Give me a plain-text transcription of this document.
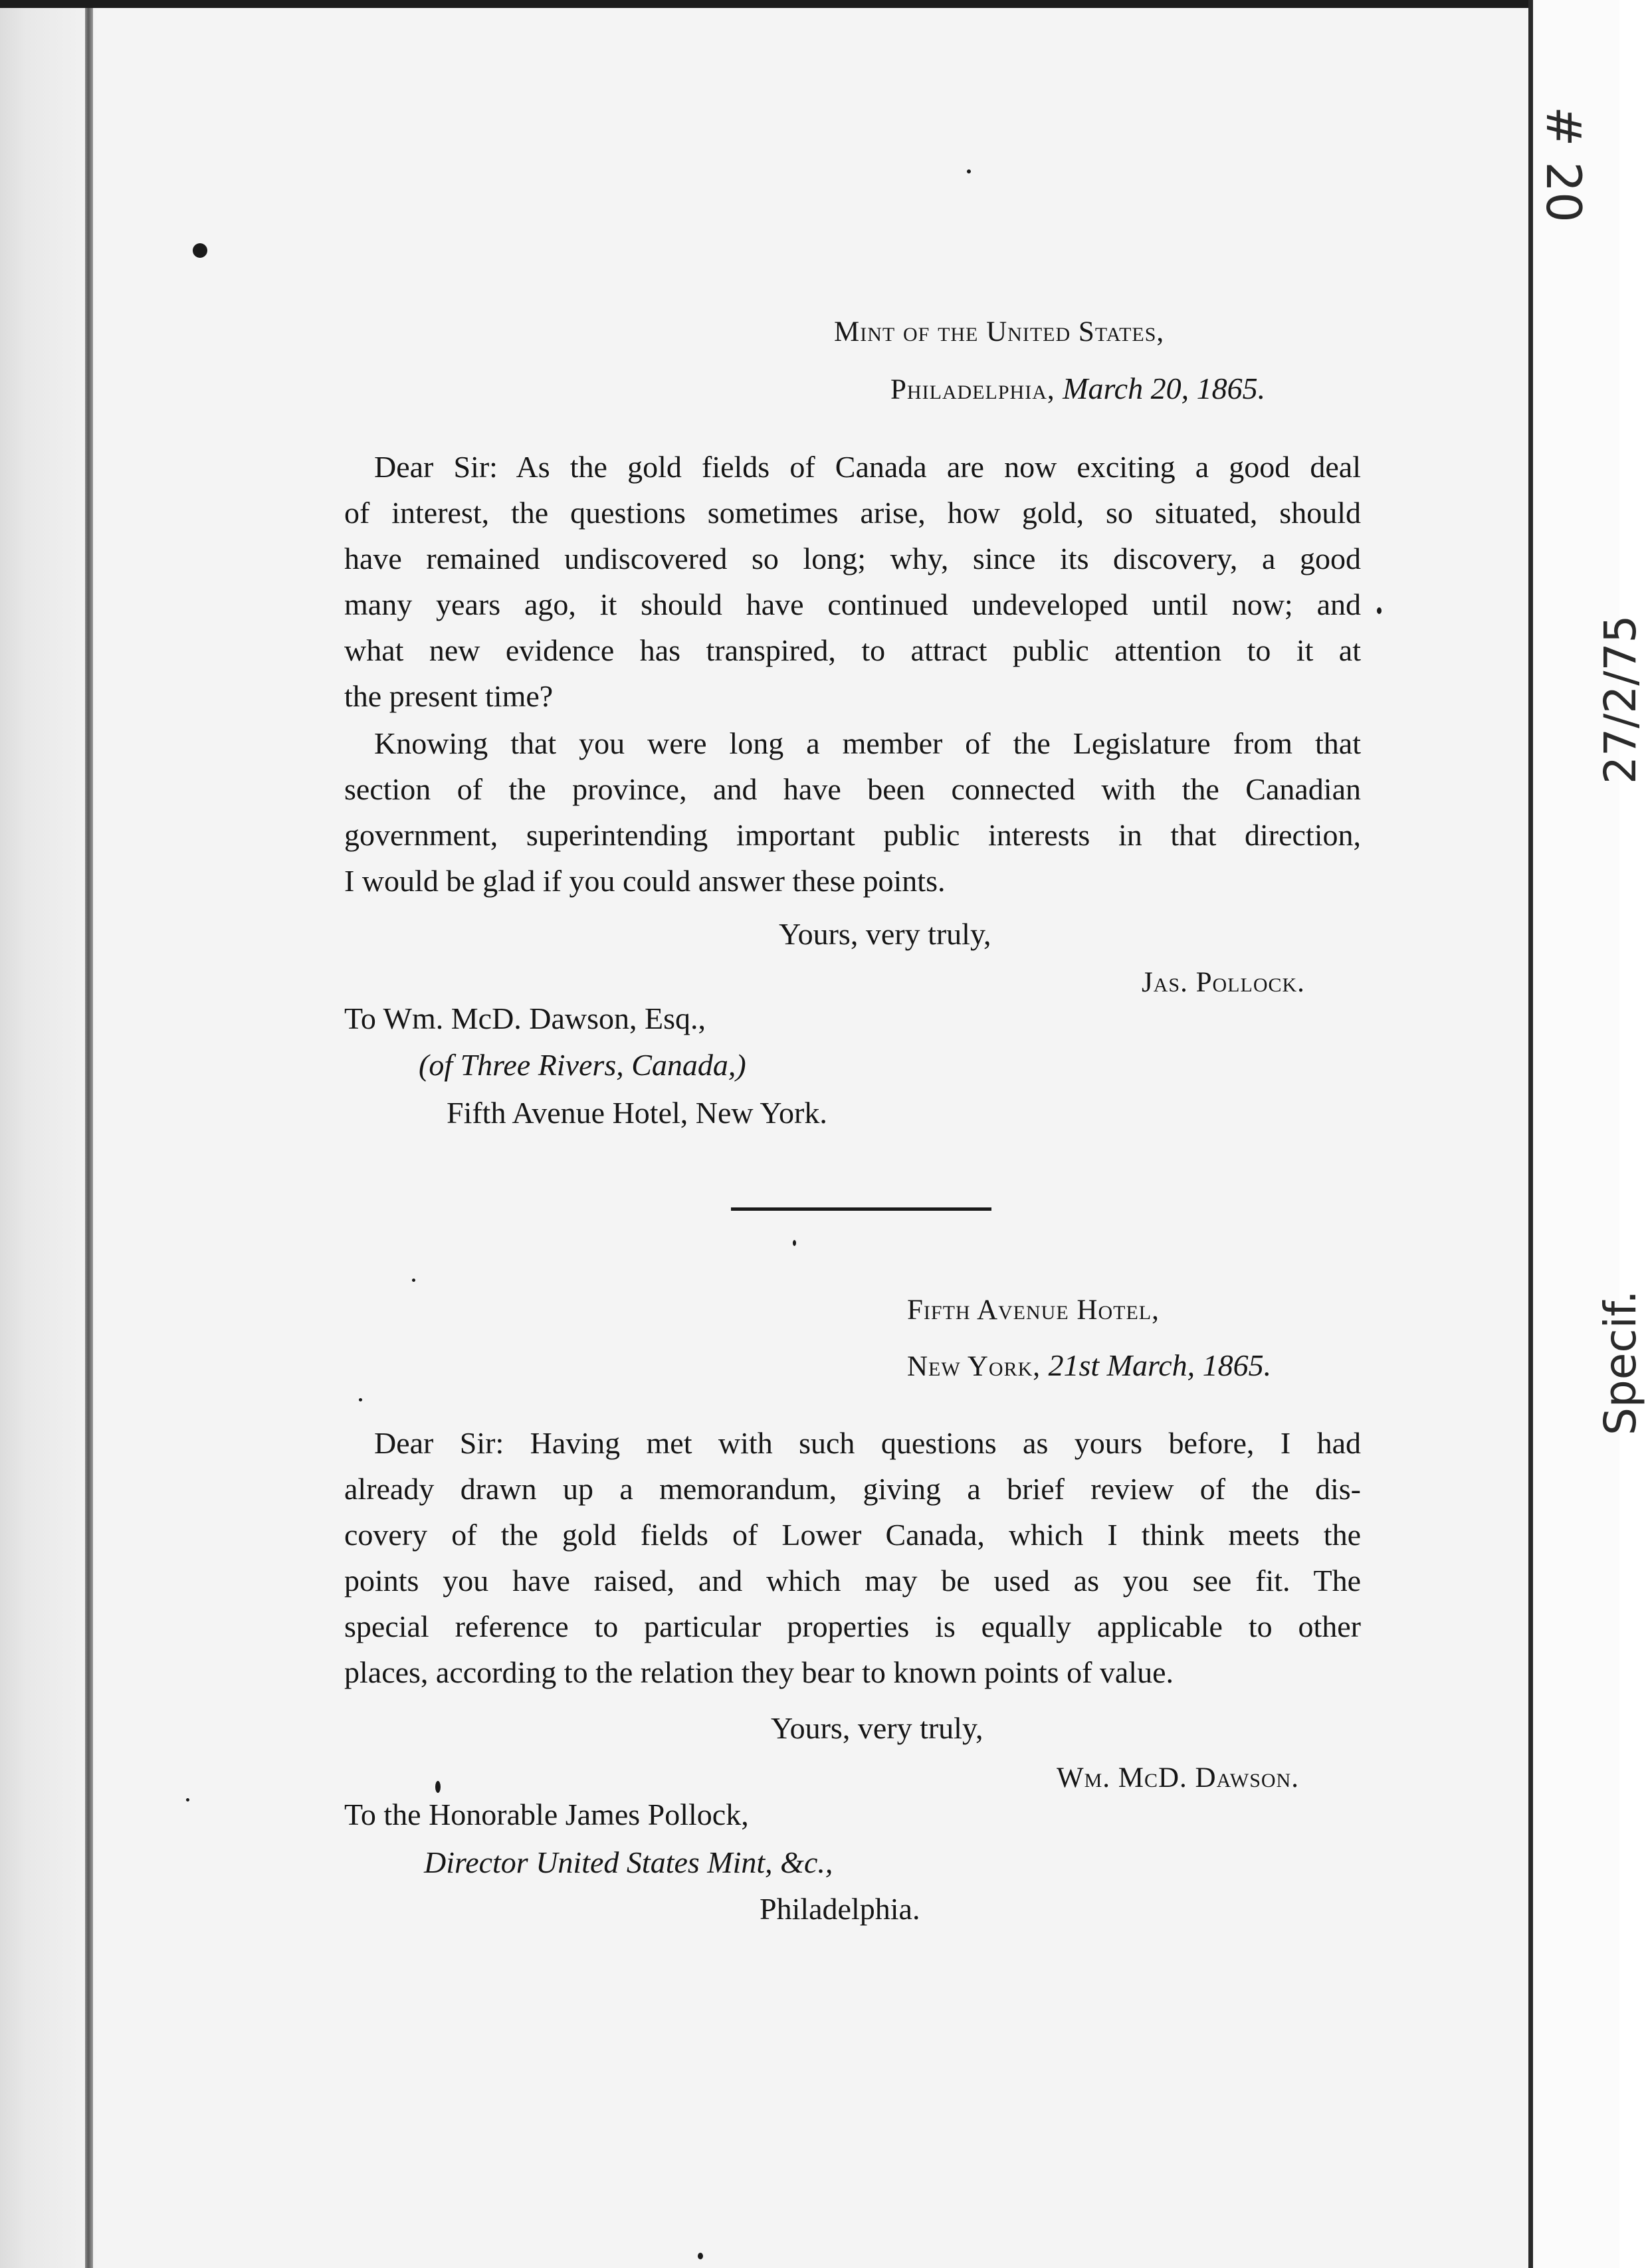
# 20
27/2/75
Specif.
Mint of the United States,
Philadelphia, March 20, 1865.
Dear Sir: As the gold fields of Canada are now exciting a good deal
of interest, the questions sometimes arise, how gold, so situated, should
have remained undiscovered so long; why, since its discovery, a good
many years ago, it should have continued undeveloped until now; and
what new evidence has transpired, to attract public attention to it at
the present time?
Knowing that you were long a member of the Legislature from that
section of the province, and have been connected with the Canadian
government, superintending important public interests in that direction,
I would be glad if you could answer these points.
Yours, very truly,
Jas. Pollock.
To Wm. McD. Dawson, Esq.,
(of Three Rivers, Canada,)
Fifth Avenue Hotel, New York.
Fifth Avenue Hotel,
New York, 21st March, 1865.
Dear Sir: Having met with such questions as yours before, I had
already drawn up a memorandum, giving a brief review of the dis-
covery of the gold fields of Lower Canada, which I think meets the
points you have raised, and which may be used as you see fit. The
special reference to particular properties is equally applicable to other
places, according to the relation they bear to known points of value.
Yours, very truly,
Wm. McD. Dawson.
To the Honorable James Pollock,
Director United States Mint, &c.,
Philadelphia.
